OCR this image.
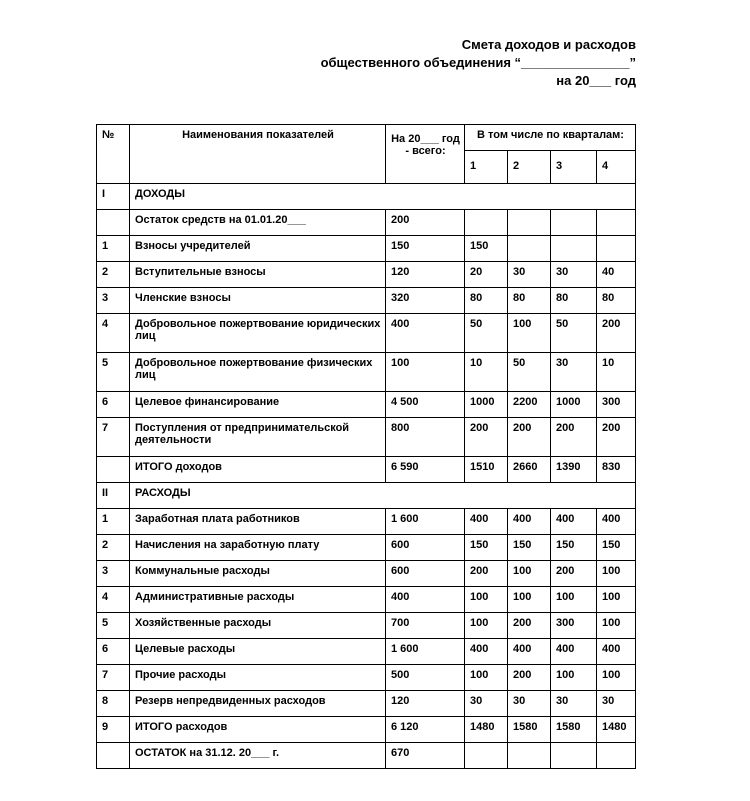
Смета доходов и расходов
общественного объединения “_______________”
на 20___ год
№	Наименования показателей	На 20___ год - всего:	В том числе по кварталам:			
			1	2	3	4
I	ДОХОДЫ					
	Остаток средств на 01.01.20___	200				
1	Взносы учредителей	150	150			
2	Вступительные взносы	120	20	30	30	40
3	Членские взносы	320	80	80	80	80
4	Добровольное пожертвование юридических лиц	400	50	100	50	200
5	Добровольное пожертвование физических лиц	100	10	50	30	10
6	Целевое финансирование	4 500	1000	2200	1000	300
7	Поступления от предпринимательской деятельности	800	200	200	200	200
	ИТОГО доходов	6 590	1510	2660	1390	830
II	РАСХОДЫ					
1	Заработная плата работников	1 600	400	400	400	400
2	Начисления на заработную плату	600	150	150	150	150
3	Коммунальные расходы	600	200	100	200	100
4	Административные расходы	400	100	100	100	100
5	Хозяйственные расходы	700	100	200	300	100
6	Целевые расходы	1 600	400	400	400	400
7	Прочие расходы	500	100	200	100	100
8	Резерв непредвиденных расходов	120	30	30	30	30
9	ИТОГО расходов	6 120	1480	1580	1580	1480
	ОСТАТОК на 31.12. 20___ г.	670				
